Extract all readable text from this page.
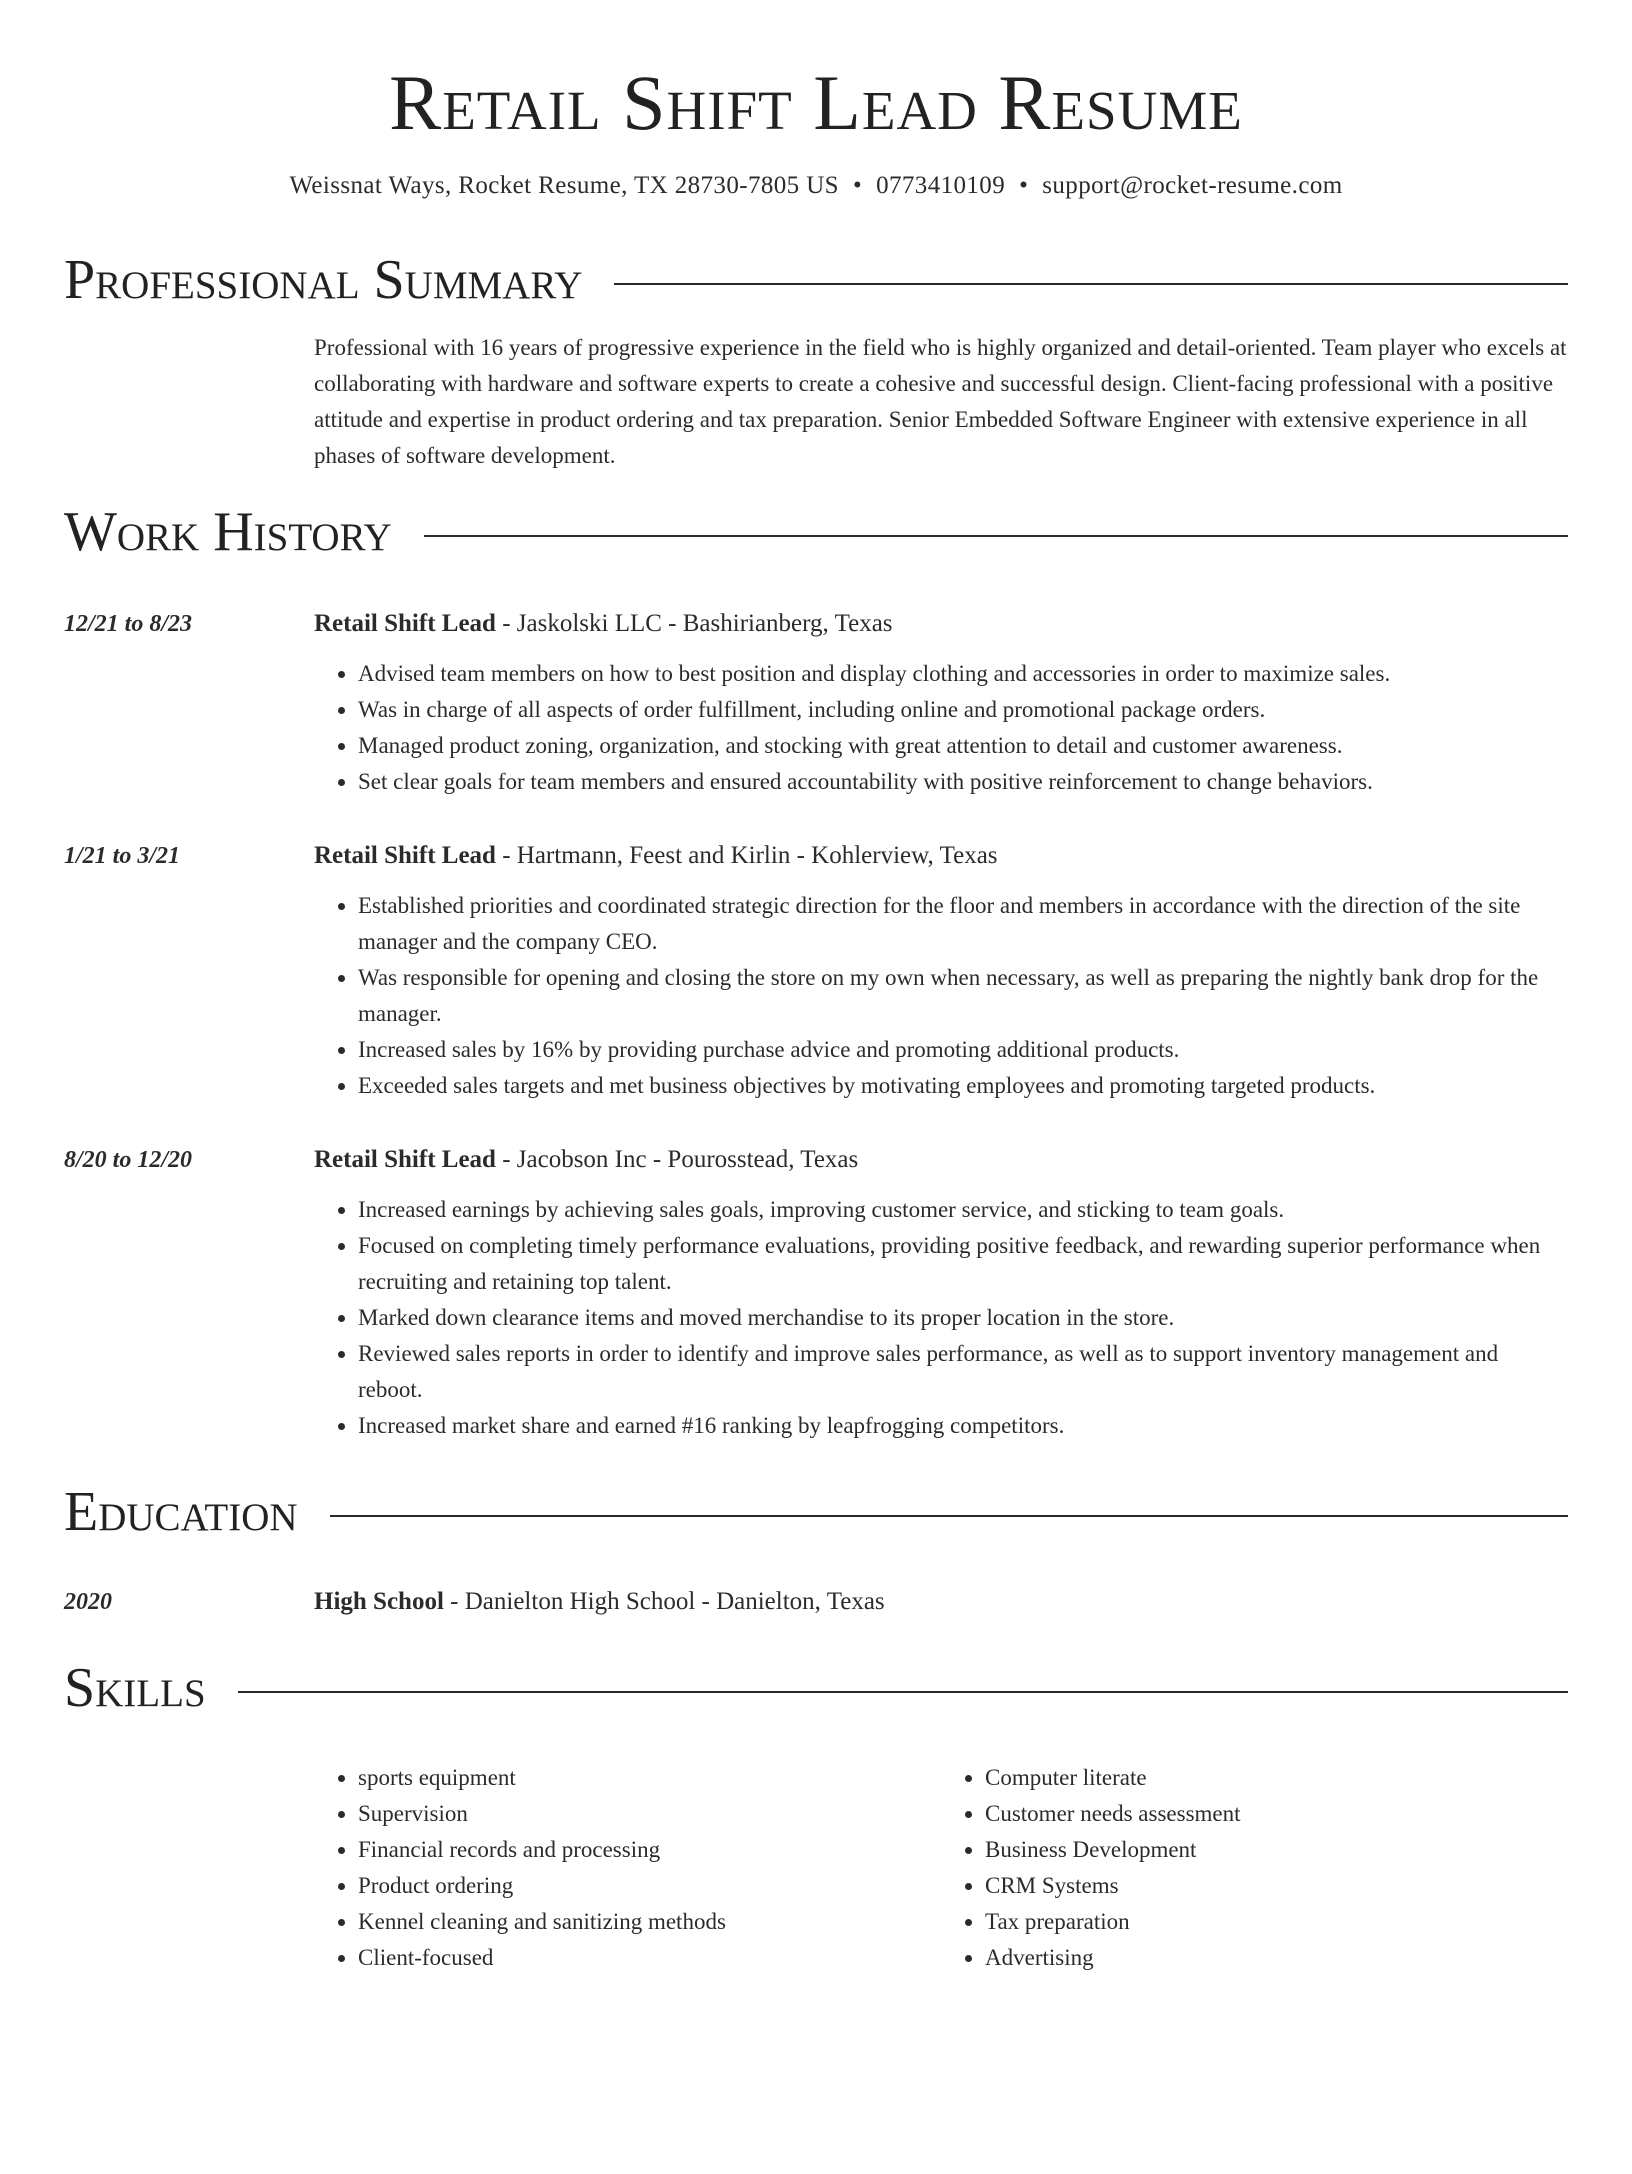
Retail Shift Lead Resume
Weissnat Ways, Rocket Resume, TX 28730-7805 US • 0773410109 • support@rocket-resume.com
Professional Summary
Professional with 16 years of progressive experience in the field who is highly organized and detail-oriented. Team player who excels at collaborating with hardware and software experts to create a cohesive and successful design. Client-facing professional with a positive attitude and expertise in product ordering and tax preparation. Senior Embedded Software Engineer with extensive experience in all phases of software development.
Work History
12/21 to 8/23	Retail Shift Lead - Jaskolski LLC - Bashirianberg, Texas
• Advised team members on how to best position and display clothing and accessories in order to maximize sales.
• Was in charge of all aspects of order fulfillment, including online and promotional package orders.
• Managed product zoning, organization, and stocking with great attention to detail and customer awareness.
• Set clear goals for team members and ensured accountability with positive reinforcement to change behaviors.
1/21 to 3/21	Retail Shift Lead - Hartmann, Feest and Kirlin - Kohlerview, Texas
• Established priorities and coordinated strategic direction for the floor and members in accordance with the direction of the site manager and the company CEO.
• Was responsible for opening and closing the store on my own when necessary, as well as preparing the nightly bank drop for the manager.
• Increased sales by 16% by providing purchase advice and promoting additional products.
• Exceeded sales targets and met business objectives by motivating employees and promoting targeted products.
8/20 to 12/20	Retail Shift Lead - Jacobson Inc - Pourosstead, Texas
• Increased earnings by achieving sales goals, improving customer service, and sticking to team goals.
• Focused on completing timely performance evaluations, providing positive feedback, and rewarding superior performance when recruiting and retaining top talent.
• Marked down clearance items and moved merchandise to its proper location in the store.
• Reviewed sales reports in order to identify and improve sales performance, as well as to support inventory management and reboot.
• Increased market share and earned #16 ranking by leapfrogging competitors.
Education
2020	High School - Danielton High School - Danielton, Texas
Skills
• sports equipment
• Supervision
• Financial records and processing
• Product ordering
• Kennel cleaning and sanitizing methods
• Client-focused
• Computer literate
• Customer needs assessment
• Business Development
• CRM Systems
• Tax preparation
• Advertising
